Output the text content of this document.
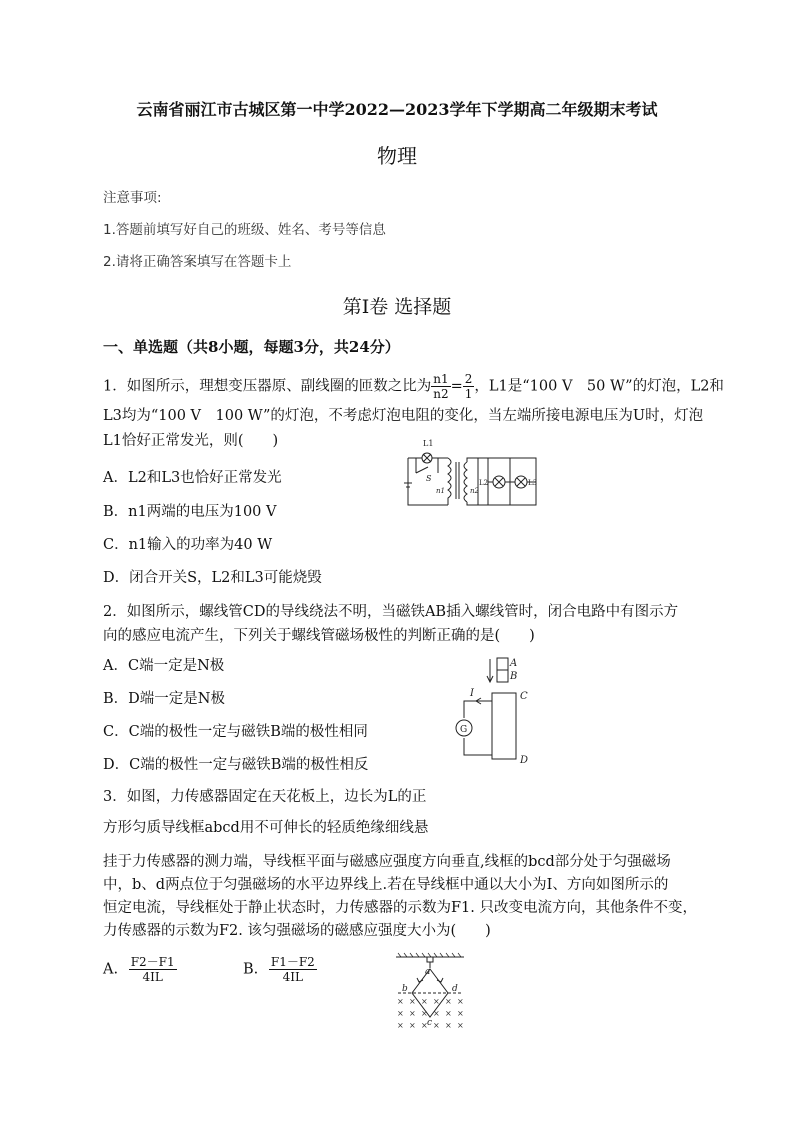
云南省丽江市古城区第一中学2022—2023学年下学期高二年级期末考试
物理
注意事项:
1.答题前填写好自己的班级、姓名、考号等信息
2.请将正确答案填写在答题卡上
第Ⅰ卷 选择题
一、单选题（共8小题，每题3分，共24分）
1．如图所示，理想变压器原、副线圈的匝数之比为 $\frac{n1}{n2} = \frac{2}{1}$ ，L1是“100 V　50 W”的灯泡，L2和
L3均为“100 V　100 W”的灯泡，不考虑灯泡电阻的变化，当左端所接电源电压为U时，灯泡
L1恰好正常发光，则(　　)
A．L2和L3也恰好正常发光
B．n1两端的电压为100 V
C．n1输入的功率为40 W
D．闭合开关S，L2和L3可能烧毁
L1
S
n1	n2
L2	L3
2．如图所示，螺线管CD的导线绕法不明，当磁铁AB插入螺线管时，闭合电路中有图示方
向的感应电流产生，下列关于螺线管磁场极性的判断正确的是(　　)
A．C端一定是N极
B．D端一定是N极
C．C端的极性一定与磁铁B端的极性相同
D．C端的极性一定与磁铁B端的极性相反
A
B
I	C
D
G
3．如图，力传感器固定在天花板上，边长为L的正
方形匀质导线框abcd用不可伸长的轻质绝缘细线悬
挂于力传感器的测力端，导线框平面与磁感应强度方向垂直,线框的bcd部分处于匀强磁场
中，b、d两点位于匀强磁场的水平边界线上.若在导线框中通以大小为I、方向如图所示的
恒定电流，导线框处于静止状态时，力传感器的示数为F1. 只改变电流方向，其他条件不变，
力传感器的示数为F2. 该匀强磁场的磁感应强度大小为(　　)
A. $\frac{F2-F1}{4IL}$	B. $\frac{F1-F2}{4IL}$	a
b	d
c
× × × × × ×
× × × × × ×
× × × × × ×
